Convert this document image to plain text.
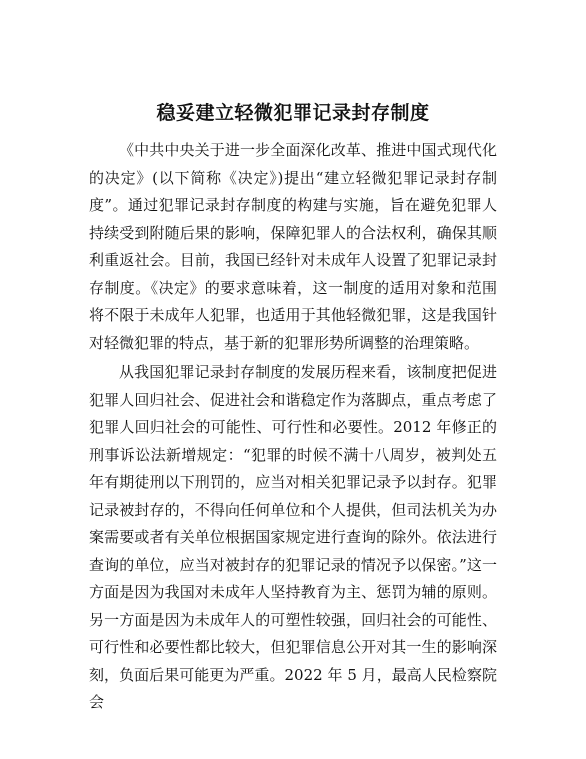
稳妥建立轻微犯罪记录封存制度

《中共中央关于进一步全面深化改革、推进中国式现代化的决定》(以下简称《决定》)提出“建立轻微犯罪记录封存制度”。通过犯罪记录封存制度的构建与实施，旨在避免犯罪人持续受到附随后果的影响，保障犯罪人的合法权利，确保其顺利重返社会。目前，我国已经针对未成年人设置了犯罪记录封存制度。《决定》的要求意味着，这一制度的适用对象和范围将不限于未成年人犯罪，也适用于其他轻微犯罪，这是我国针对轻微犯罪的特点，基于新的犯罪形势所调整的治理策略。

从我国犯罪记录封存制度的发展历程来看，该制度把促进犯罪人回归社会、促进社会和谐稳定作为落脚点，重点考虑了犯罪人回归社会的可能性、可行性和必要性。2012 年修正的刑事诉讼法新增规定：“犯罪的时候不满十八周岁，被判处五年有期徒刑以下刑罚的，应当对相关犯罪记录予以封存。犯罪记录被封存的，不得向任何单位和个人提供，但司法机关为办案需要或者有关单位根据国家规定进行查询的除外。依法进行查询的单位，应当对被封存的犯罪记录的情况予以保密。”这一方面是因为我国对未成年人坚持教育为主、惩罚为辅的原则。另一方面是因为未成年人的可塑性较强，回归社会的可能性、可行性和必要性都比较大，但犯罪信息公开对其一生的影响深刻，负面后果可能更为严重。2022 年 5 月，最高人民检察院会
